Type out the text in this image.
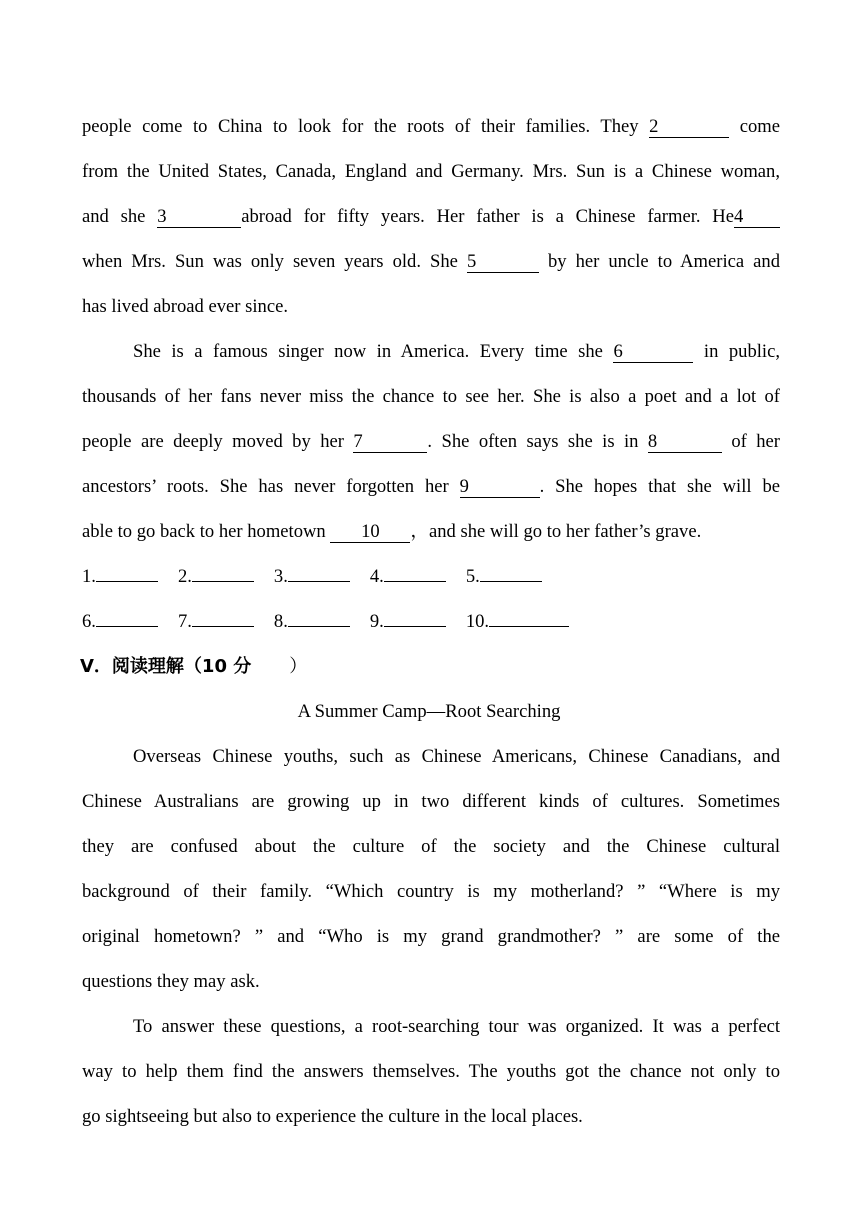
people come to China to look for the roots of their families. They 2	come
from the United States, Canada, England and Germany. Mrs. Sun is a Chinese woman,
and she 3	abroad for fifty years. Her father is a Chinese farmer. He4
when Mrs. Sun was only seven years old. She 5	by her uncle to America and
has lived abroad ever since.
She is a famous singer now in America. Every time she 6	in public,
thousands of her fans never miss the chance to see her. She is also a poet and a lot of
people are deeply moved by her 7	. She often says she is in 8	of her
ancestors’ roots. She has never forgotten her 9	. She hopes that she will be
able to go back to her hometown 10 ，and she will go to her father’s grave.
1.	2.	3.	4.	5.
6.	7.	8.	9.	10.
V．阅读理解（10 分 ）
A Summer Camp—Root Searching
Overseas Chinese youths, such as Chinese Americans, Chinese Canadians, and
Chinese Australians are growing up in two different kinds of cultures. Sometimes
they are confused about the culture of the society and the Chinese cultural
background of their family. “Which country is my motherland? ” “Where is my
original hometown? ” and “Who is my grand grandmother? ” are some of the
questions they may ask.
To answer these questions, a root-searching tour was organized. It was a perfect
way to help them find the answers themselves. The youths got the chance not only to
go sightseeing but also to experience the culture in the local places.
